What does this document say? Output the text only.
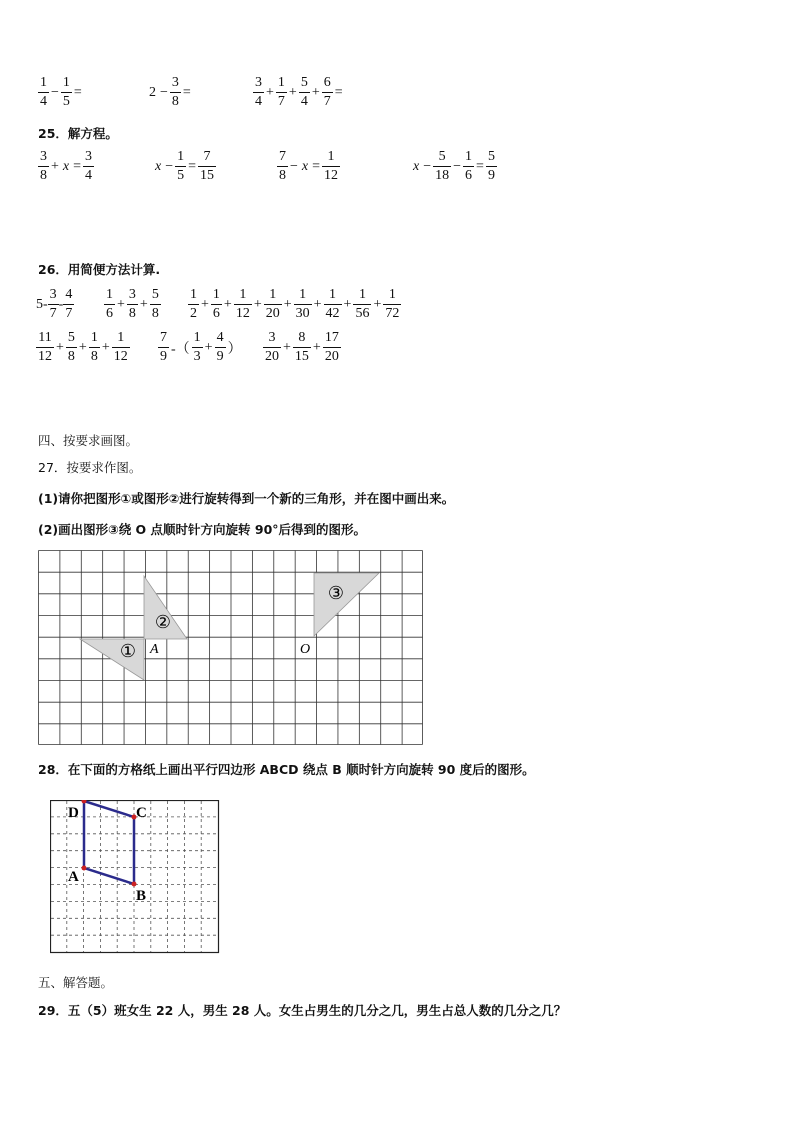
$\frac{1}{4} - \frac{1}{5}$ =	$2 - \frac{3}{8}$ =	$\frac{3}{4} + \frac{1}{7} + \frac{5}{4} + \frac{6}{7}$ =
25．解方程。
$\frac{3}{8} + x = \frac{3}{4}$	$x - \frac{1}{5} = \frac{7}{15}$	$\frac{7}{8} - x = \frac{1}{12}$	$x - \frac{5}{18} - \frac{1}{6} = \frac{5}{9}$
26．用简便方法计算.
$5- \frac{3}{7} - \frac{4}{7} \frac{1}{6} + \frac{3}{8} + \frac{5}{8} \frac{1}{2} + \frac{1}{6} + \frac{1}{12} + \frac{1}{20} + \frac{1}{30} + \frac{1}{42} + \frac{1}{56} + \frac{1}{72}$
$\frac{11}{12} + \frac{5}{8} + \frac{1}{8} + \frac{1}{12} \frac{7}{9}$ -（ $\frac{1}{3} + \frac{4}{9}$ ） $\frac{3}{20} + \frac{8}{15} + \frac{17}{20}$
四、按要求画图。
27．按要求作图。
(1)请你把图形①或图形②进行旋转得到一个新的三角形，并在图中画出来。
(2)画出图形③绕 O 点顺时针方向旋转 90°后得到的图形。
①
②
③
A	O
28．在下面的方格纸上画出平行四边形 ABCD 绕点 B 顺时针方向旋转 90 度后的图形。
D	C
A
B
五、解答题。
29．五（5）班女生 22 人，男生 28 人。女生占男生的几分之几，男生占总人数的几分之几？
